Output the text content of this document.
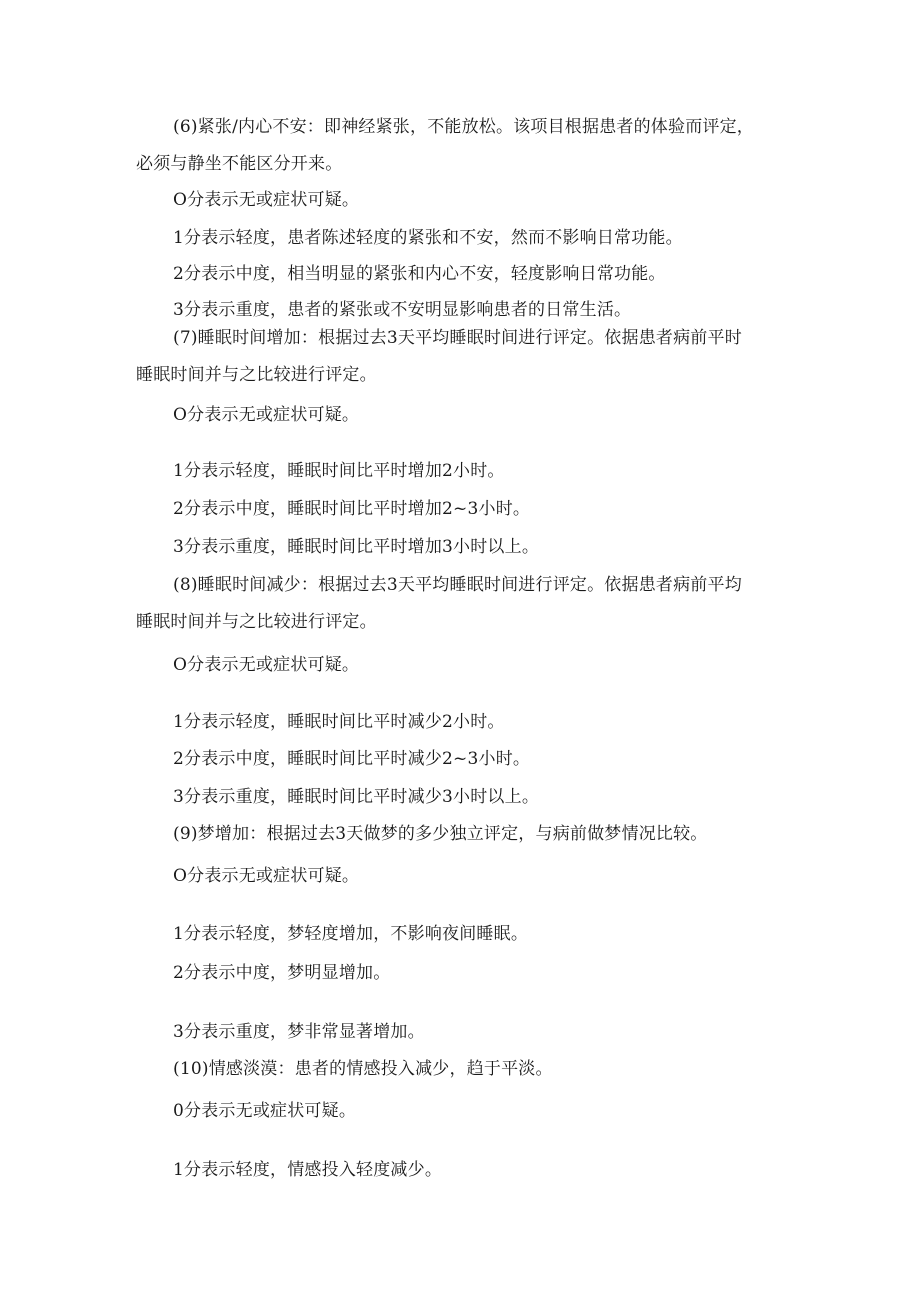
(6)紧张/内心不安：即神经紧张，不能放松。该项目根据患者的体验而评定，
必须与静坐不能区分开来。
O分表示无或症状可疑。
1分表示轻度，患者陈述轻度的紧张和不安，然而不影响日常功能。
2分表示中度，相当明显的紧张和内心不安，轻度影响日常功能。
3分表示重度，患者的紧张或不安明显影响患者的日常生活。
(7)睡眠时间增加：根据过去3天平均睡眠时间进行评定。依据患者病前平时
睡眠时间并与之比较进行评定。
O分表示无或症状可疑。
1分表示轻度，睡眠时间比平时增加2小时。
2分表示中度，睡眠时间比平时增加2~3小时。
3分表示重度，睡眠时间比平时增加3小时以上。
(8)睡眠时间减少：根据过去3天平均睡眠时间进行评定。依据患者病前平均
睡眠时间并与之比较进行评定。
O分表示无或症状可疑。
1分表示轻度，睡眠时间比平时减少2小时。
2分表示中度，睡眠时间比平时减少2~3小时。
3分表示重度，睡眠时间比平时减少3小时以上。
(9)梦增加：根据过去3天做梦的多少独立评定，与病前做梦情况比较。
O分表示无或症状可疑。
1分表示轻度，梦轻度增加，不影响夜间睡眠。
2分表示中度，梦明显增加。
3分表示重度，梦非常显著增加。
(10)情感淡漠：患者的情感投入减少，趋于平淡。
0分表示无或症状可疑。
1分表示轻度，情感投入轻度减少。
